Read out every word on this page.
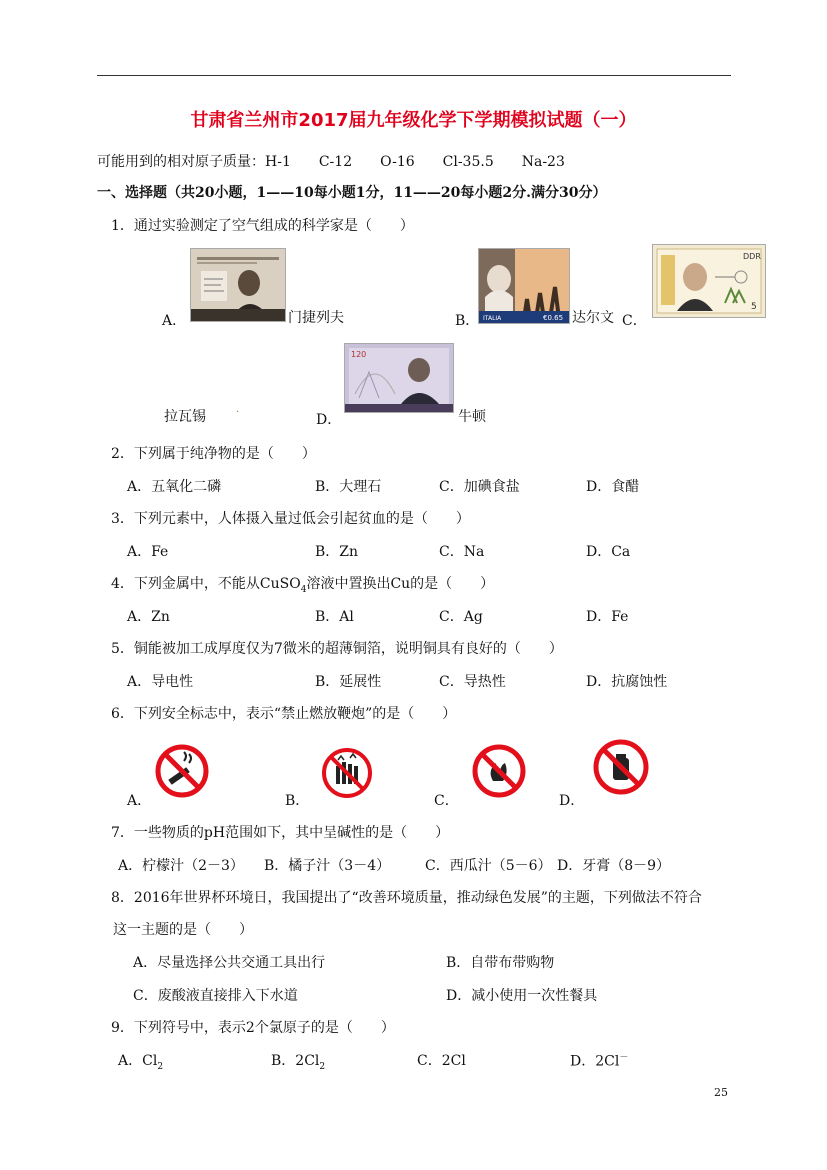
甘肃省兰州市2017届九年级化学下学期模拟试题（一）
可能用到的相对原子质量：H-1　　C-12　　O-16　　Cl-35.5　　Na-23
一、选择题（共20小题，1——10每小题1分，11——20每小题2分.满分30分）
1．通过实验测定了空气组成的科学家是（　　）
A．	门捷列夫	ITALIA	€0.65
B．	达尔文 C．
DDR
5
拉瓦锡	.
D．
120
牛顿
2．下列属于纯净物的是（　　）
A．五氧化二磷	B．大理石	C．加碘食盐	D．食醋
3．下列元素中，人体摄入量过低会引起贫血的是（　　）
A．Fe	B．Zn	C．Na	D．Ca
4．下列金属中，不能从CuSO$_4$溶液中置换出Cu的是（　　）
A．Zn	B．Al	C．Ag	D．Fe
5．铜能被加工成厚度仅为7微米的超薄铜箔，说明铜具有良好的（　　）
A．导电性	B．延展性	C．导热性	D．抗腐蚀性
6．下列安全标志中，表示“禁止燃放鞭炮”的是（　　）
A．	B．	C．	D．
7．一些物质的pH范围如下，其中呈碱性的是（　　）
A．柠檬汁（2－3） B．橘子汁（3－4） C．西瓜汁（5－6） D．牙膏（8－9）
8．2016年世界杯环境日，我国提出了“改善环境质量，推动绿色发展”的主题，下列做法不符合
这一主题的是（　　）
A．尽量选择公共交通工具出行	B．自带布带购物
C．废酸液直接排入下水道	D．减小使用一次性餐具
9．下列符号中，表示2个氯原子的是（　　）
A．$Cl_2$	B．$2Cl_2$	C．2Cl	D．2Cl－
25
